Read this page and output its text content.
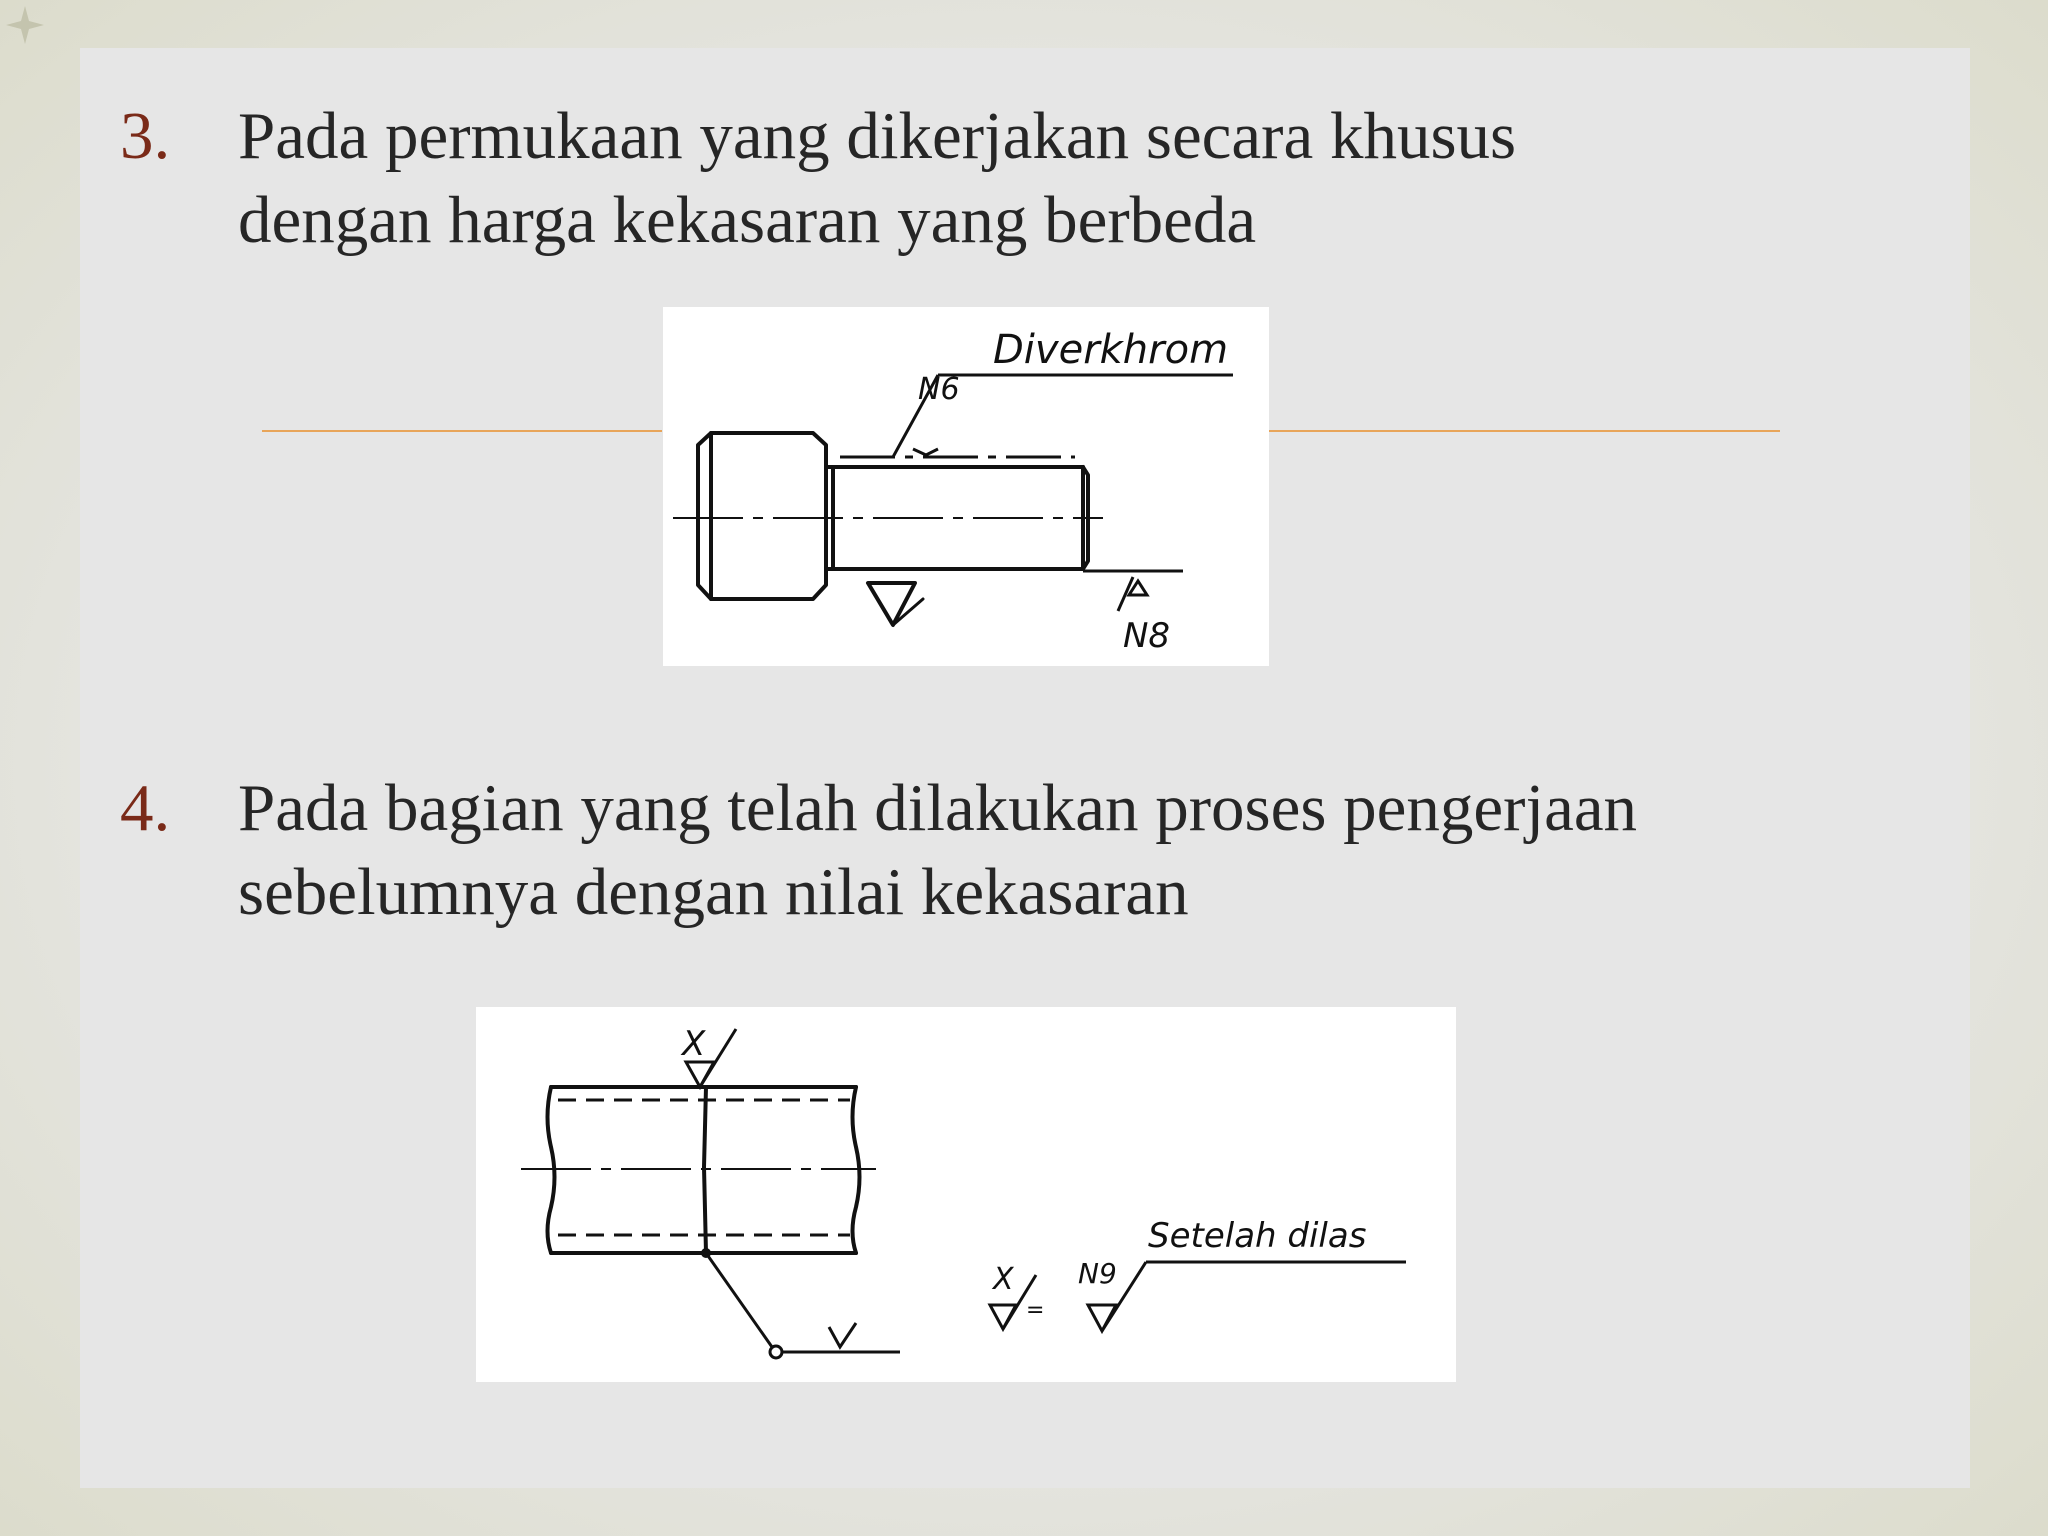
3. Pada permukaan yang dikerjakan secara khusus
dengan harga kekasaran yang berbeda
Diverkhrom
N6
N8
4. Pada bagian yang telah dilakukan proses pengerjaan
sebelumnya dengan nilai kekasaran
X
X
=
N9
Setelah dilas
